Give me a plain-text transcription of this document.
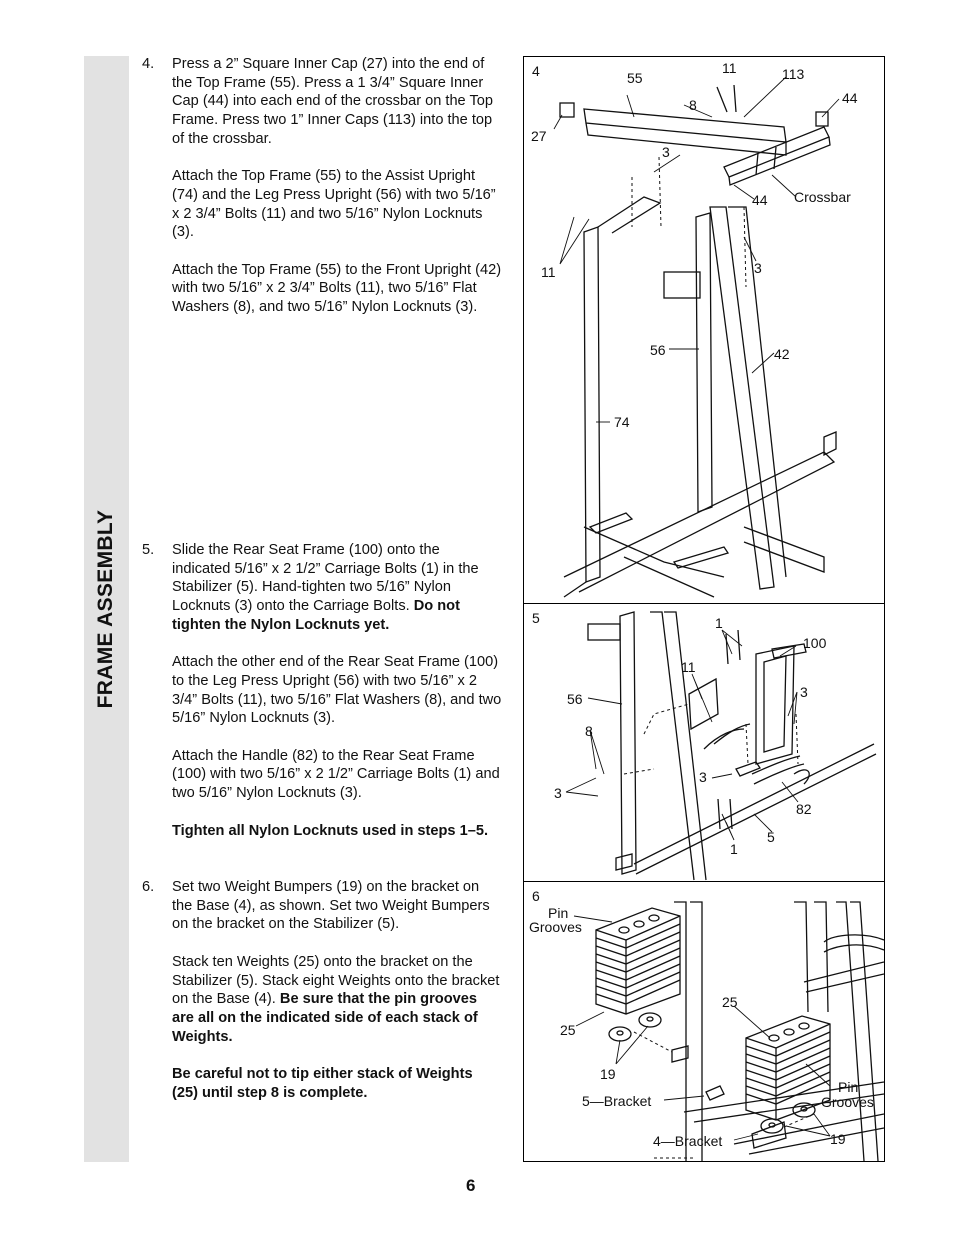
FRAME ASSEMBLY
4. Press a 2” Square Inner Cap (27) into the end of the Top Frame (55). Press a 1 3/4” Square Inner Cap (44) into each end of the crossbar on the Top Frame. Press two 1” Inner Caps (113) into the top of the crossbar.
Attach the Top Frame (55) to the Assist Upright (74) and the Leg Press Upright (56) with two 5/16” x 2 3/4” Bolts (11) and two 5/16” Nylon Locknuts (3).
Attach the Top Frame (55) to the Front Upright (42) with two 5/16” x 2 3/4” Bolts (11), two 5/16” Flat Washers (8), and two 5/16” Nylon Locknuts (3).
5. Slide the Rear Seat Frame (100) onto the indicated 5/16” x 2 1/2” Carriage Bolts (1) in the Stabilizer (5). Hand-tighten two 5/16” Nylon Locknuts (3) onto the Carriage Bolts. Do not tighten the Nylon Locknuts yet.
Attach the other end of the Rear Seat Frame (100) to the Leg Press Upright (56) with two 5/16” x 2 3/4” Bolts (11), two 5/16” Flat Washers (8), and two 5/16” Nylon Locknuts (3).
Attach the Handle (82) to the Rear Seat Frame (100) with two 5/16” x 2 1/2” Carriage Bolts (1) and two 5/16” Nylon Locknuts (3).
Tighten all Nylon Locknuts used in steps 1–5.
6. Set two Weight Bumpers (19) on the bracket on the Base (4), as shown. Set two Weight Bumpers on the bracket on the Stabilizer (5).
Stack ten Weights (25) onto the bracket on the Stabilizer (5). Stack eight Weights onto the bracket on the Base (4). Be sure that the pin grooves are all on the indicated side of each stack of Weights.
Be careful not to tip either stack of Weights (25) until step 8 is complete.
4	55
11	113
8	44
27
3
44 Crossbar
11	3
56	42
74
5	1
100
11
56	3
8
3
3
82
5
1
6
Pin
Grooves
25
25
19
5—Bracket
Pin
Grooves
4—Bracket	19
6
